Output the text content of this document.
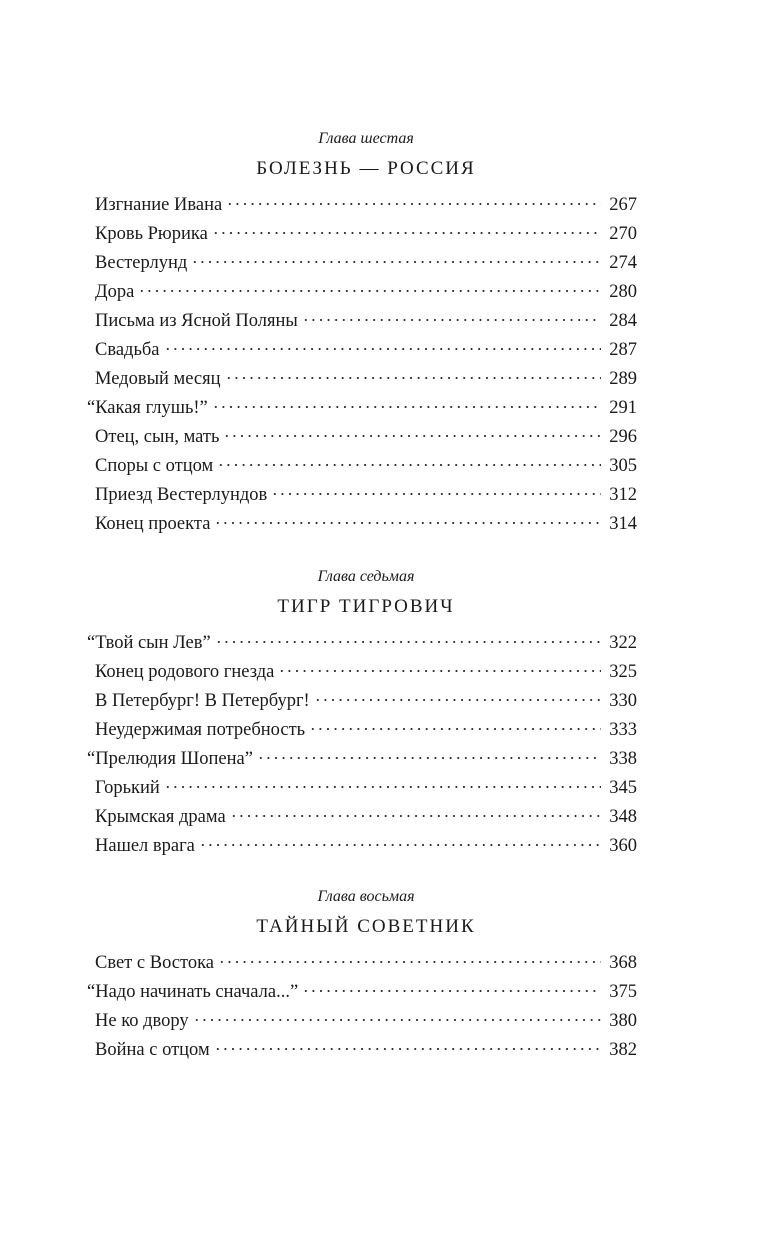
Глава шестая
БОЛЕЗНЬ — РОССИЯ
Изгнание Ивана	267
Кровь Рюрика	270
Вестерлунд	274
Дора	280
Письма из Ясной Поляны	284
Свадьба	287
Медовый месяц	289
“Какая глушь!”	291
Отец, сын, мать	296
Споры с отцом	305
Приезд Вестерлундов	312
Конец проекта	314
Глава седьмая
ТИГР ТИГРОВИЧ
“Твой сын Лев”	322
Конец родового гнезда	325
В Петербург! В Петербург!	330
Неудержимая потребность	333
“Прелюдия Шопена”	338
Горький	345
Крымская драма	348
Нашел врага	360
Глава восьмая
ТАЙНЫЙ СОВЕТНИК
Свет с Востока	368
“Надо начинать сначала...”	375
Не ко двору	380
Война с отцом	382
